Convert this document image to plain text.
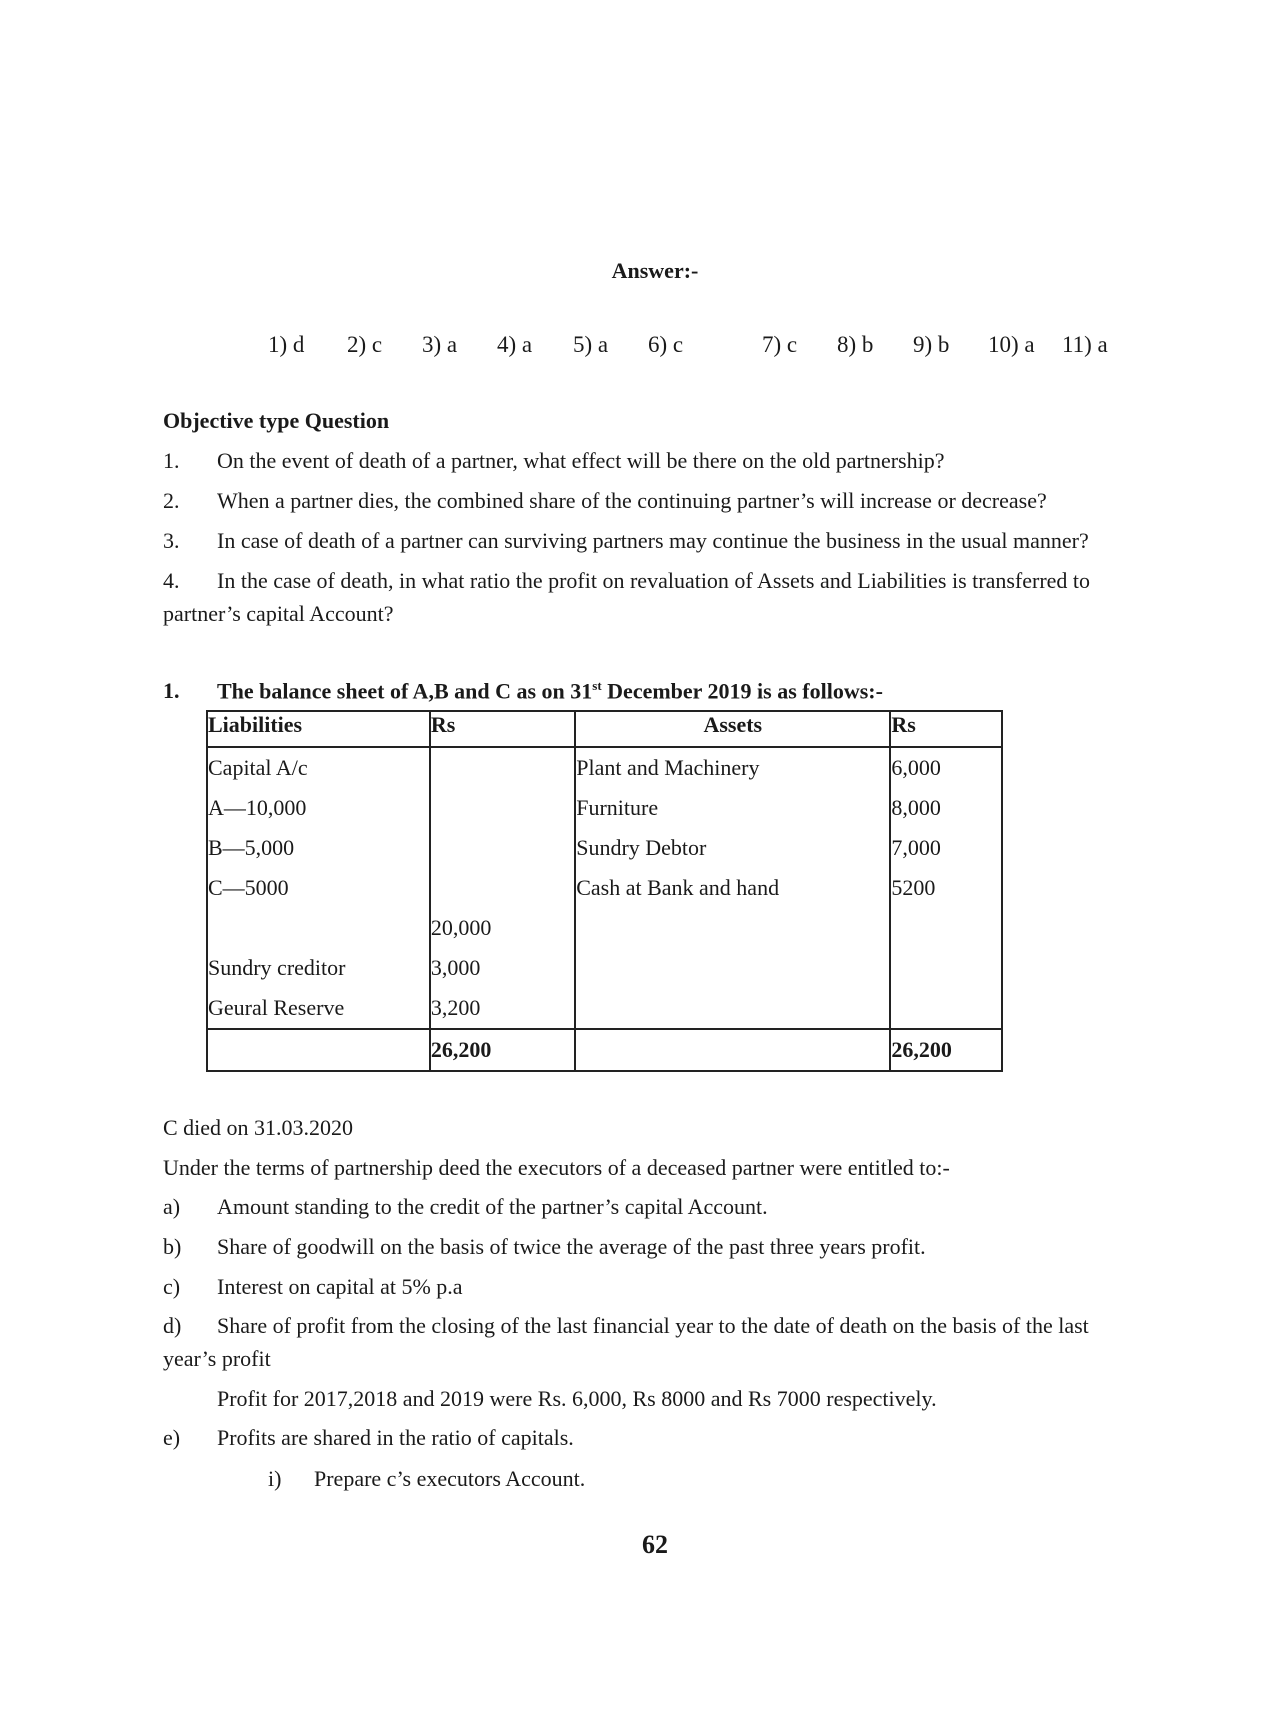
Answer:-
1) d 2) c 3) a 4) a 5) a 6) c	7) c 8) b 9) b 10) a 11) a
Objective type Question
1. On the event of death of a partner, what effect will be there on the old partnership?
2. When a partner dies, the combined share of the continuing partner’s will increase or decrease?
3. In case of death of a partner can surviving partners may continue the business in the usual manner?
4. In the case of death, in what ratio the profit on revaluation of Assets and Liabilities is transferred to
partner’s capital Account?
1. The balance sheet of A,B and C as on 31st December 2019 is as follows:-
Liabilities	Rs	Assets	Rs
Capital A/c		Plant and Machinery	6,000
A—10,000		Furniture	8,000
B—5,000		Sundry Debtor	7,000
C—5000		Cash at Bank and hand	5200
	20,000		
Sundry creditor	3,000		
Geural Reserve	3,200		
	26,200		26,200
C died on 31.03.2020
Under the terms of partnership deed the executors of a deceased partner were entitled to:-
a) Amount standing to the credit of the partner’s capital Account.
b) Share of goodwill on the basis of twice the average of the past three years profit.
c) Interest on capital at 5% p.a
d) Share of profit from the closing of the last financial year to the date of death on the basis of the last
year’s profit
Profit for 2017,2018 and 2019 were Rs. 6,000, Rs 8000 and Rs 7000 respectively.
e) Profits are shared in the ratio of capitals.
i) Prepare c’s executors Account.
62
